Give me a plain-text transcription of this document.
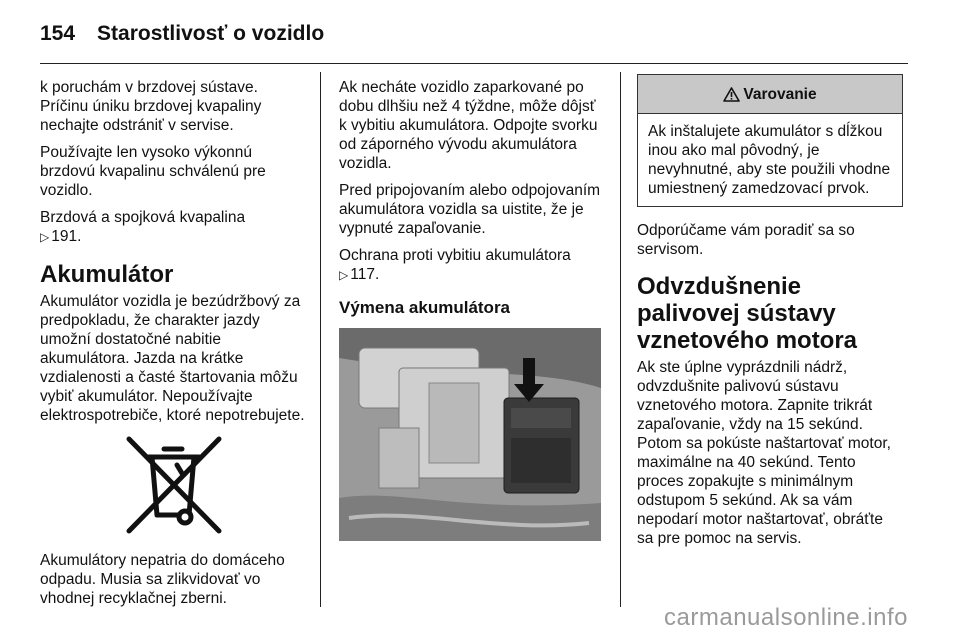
154 Starostlivosť o vozidlo

k poruchám v brzdovej sústave. Príčinu úniku brzdovej kvapaliny nechajte odstrániť v servise.

Používajte len vysoko výkonnú brzdovú kvapalinu schválenú pre vozidlo.

Brzdová a spojková kvapalina
▷ 191.

Akumulátor

Akumulátor vozidla je bezúdržbový za predpokladu, že charakter jazdy umožní dostatočné nabitie akumulátora. Jazda na krátke vzdialenosti a časté štartovania môžu vybiť akumulátor. Nepoužívajte elektrospotrebiče, ktoré nepotrebujete.

Akumulátory nepatria do domáceho odpadu. Musia sa zlikvidovať vo vhodnej recyklačnej zberni.

Ak necháte vozidlo zaparkované po dobu dlhšiu než 4 týždne, môže dôjsť k vybitiu akumulátora. Odpojte svorku od záporného vývodu akumulátora vozidla.

Pred pripojovaním alebo odpojovaním akumulátora vozidla sa uistite, že je vypnuté zapaľovanie.

Ochrana proti vybitiu akumulátora
▷ 117.

Výmena akumulátora
Varovanie
Ak inštalujete akumulátor s dĺžkou inou ako mal pôvodný, je nevyhnutné, aby ste použili vhodne umiestnený zamedzovací prvok.

Odporúčame vám poradiť sa so servisom.

Odvzdušnenie palivovej sústavy vznetového motora

Ak ste úplne vyprázdnili nádrž, odvzdušnite palivovú sústavu vznetového motora. Zapnite trikrát zapaľovanie, vždy na 15 sekúnd. Potom sa pokúste naštartovať motor, maximálne na 40 sekúnd. Tento proces zopakujte s minimálnym odstupom 5 sekúnd. Ak sa vám nepodarí motor naštartovať, obráťte sa pre pomoc na servis.

carmanualsonline.info
